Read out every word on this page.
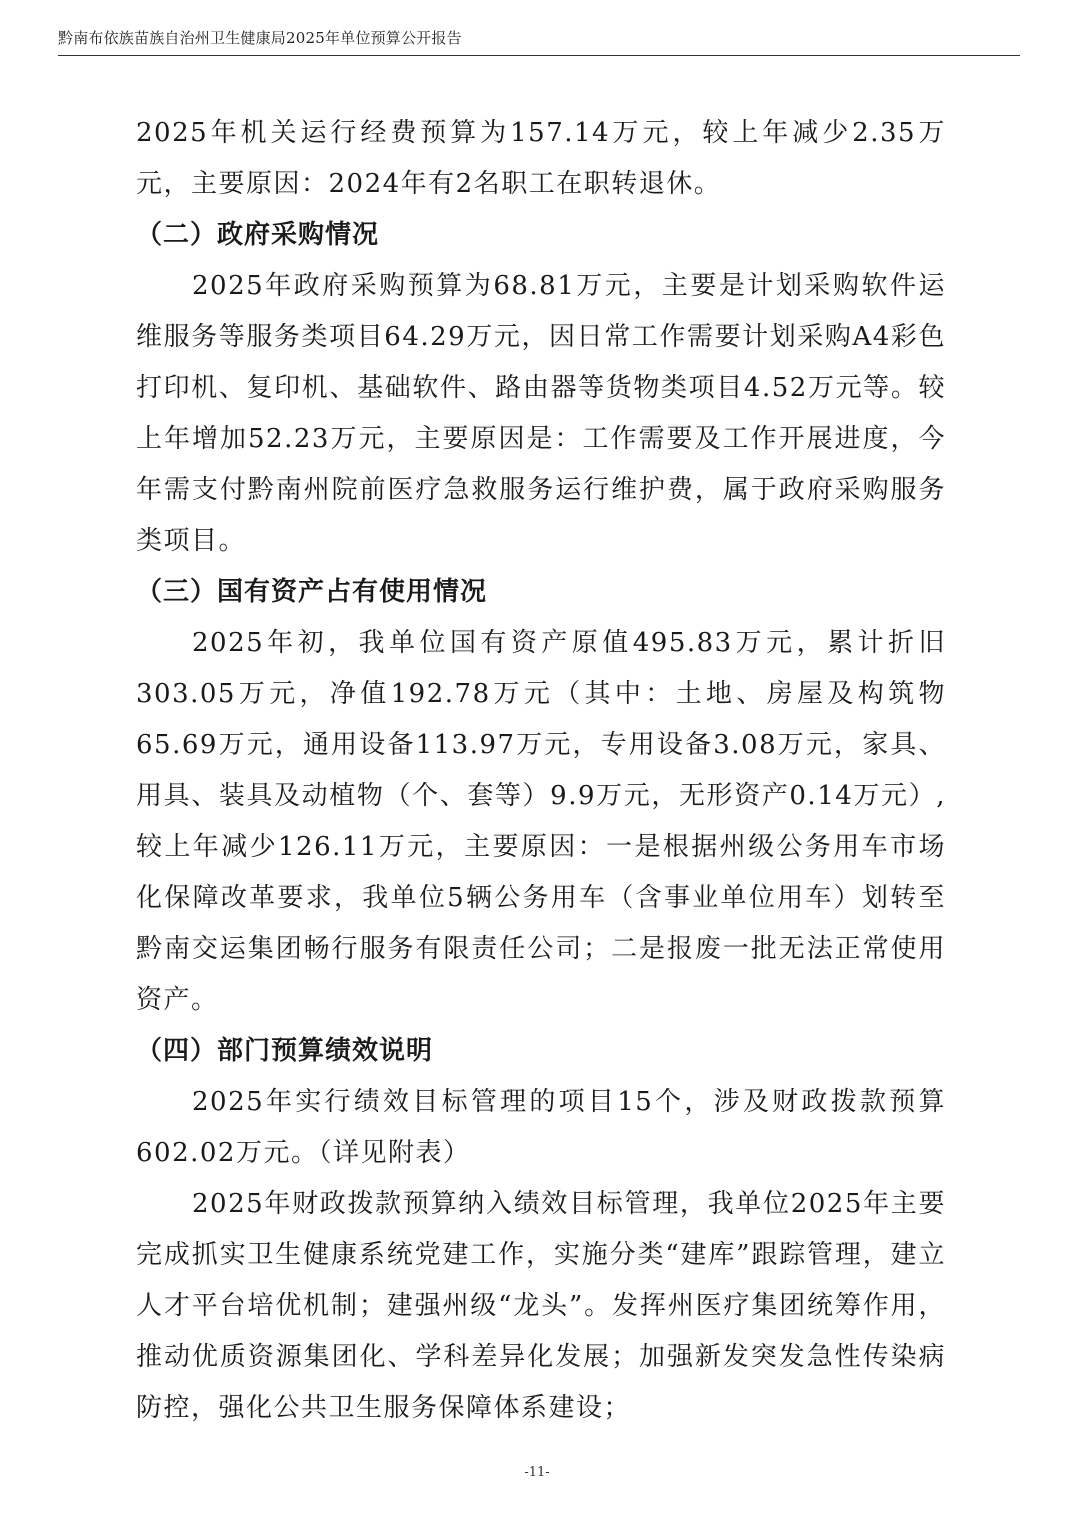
黔南布依族苗族自治州卫生健康局2025年单位预算公开报告

2025年机关运行经费预算为157.14万元，较上年减少2.35万元，主要原因：2024年有2名职工在职转退休。

（二）政府采购情况

2025年政府采购预算为68.81万元，主要是计划采购软件运维服务等服务类项目64.29万元，因日常工作需要计划采购A4彩色打印机、复印机、基础软件、路由器等货物类项目4.52万元等。较上年增加52.23万元，主要原因是：工作需要及工作开展进度，今年需支付黔南州院前医疗急救服务运行维护费，属于政府采购服务类项目。

（三）国有资产占有使用情况

2025年初，我单位国有资产原值495.83万元，累计折旧303.05万元，净值192.78万元（其中：土地、房屋及构筑物65.69万元，通用设备113.97万元，专用设备3.08万元，家具、用具、装具及动植物（个、套等）9.9万元，无形资产0.14万元）,较上年减少126.11万元，主要原因：一是根据州级公务用车市场化保障改革要求，我单位5辆公务用车（含事业单位用车）划转至黔南交运集团畅行服务有限责任公司；二是报废一批无法正常使用资产。

（四）部门预算绩效说明

2025年实行绩效目标管理的项目15个，涉及财政拨款预算602.02万元。（详见附表）

2025年财政拨款预算纳入绩效目标管理，我单位2025年主要完成抓实卫生健康系统党建工作，实施分类“建库”跟踪管理，建立人才平台培优机制；建强州级“龙头”。发挥州医疗集团统筹作用，推动优质资源集团化、学科差异化发展；加强新发突发急性传染病防控，强化公共卫生服务保障体系建设；

-11-
